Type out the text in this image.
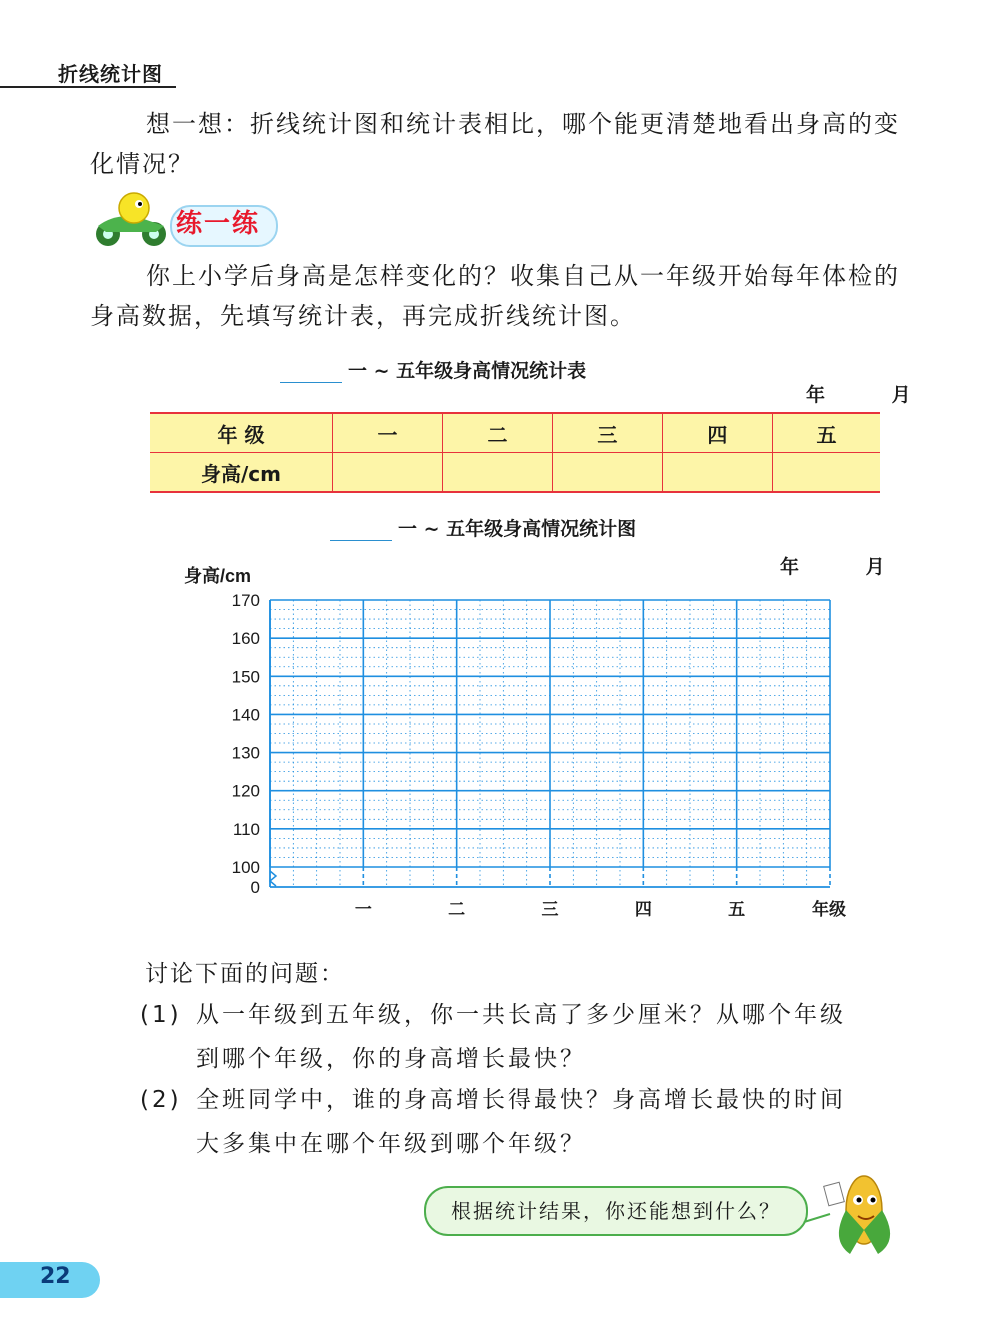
折线统计图
想一想：折线统计图和统计表相比，哪个能更清楚地看出身高的变化情况？
练一练
你上小学后身高是怎样变化的？收集自己从一年级开始每年体检的身高数据，先填写统计表，再完成折线统计图。
一 ~ 五年级身高情况统计表
年 月
年 级	一	二	三	四	五
身高/cm					
一 ~ 五年级身高情况统计图
年 月
身高/cm
170
160
150
140
130
120
110
100
0
一	二	三	四	五	年级
讨论下面的问题：
(1) 从一年级到五年级，你一共长高了多少厘米？从哪个年级
到哪个年级，你的身高增长最快？
(2) 全班同学中，谁的身高增长得最快？身高增长最快的时间
大多集中在哪个年级到哪个年级？
根据统计结果，你还能想到什么？
22
